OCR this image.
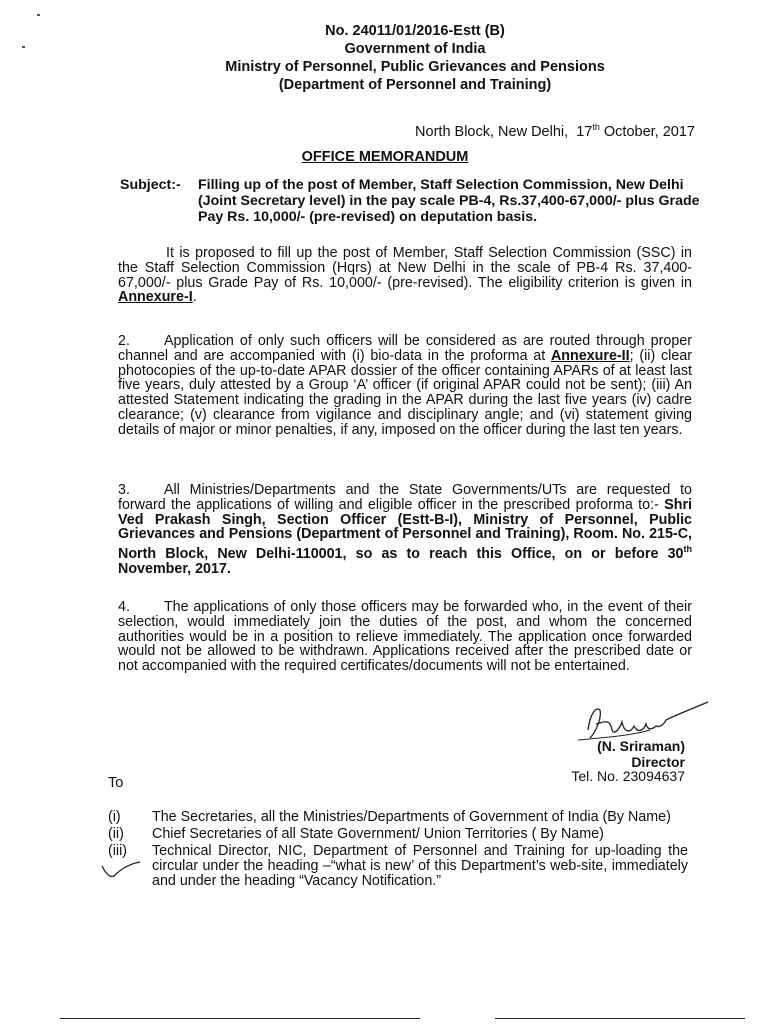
No. 24011/01/2016-Estt (B)
Government of India
Ministry of Personnel, Public Grievances and Pensions
(Department of Personnel and Training)
North Block, New Delhi, 17th October, 2017
OFFICE MEMORANDUM
Subject:-	Filling up of the post of Member, Staff Selection Commission, New Delhi (Joint Secretary level) in the pay scale PB-4, Rs.37,400-67,000/- plus Grade Pay Rs. 10,000/- (pre-revised) on deputation basis.
It is proposed to fill up the post of Member, Staff Selection Commission (SSC) in the Staff Selection Commission (Hqrs) at New Delhi in the scale of PB-4 Rs. 37,400-67,000/- plus Grade Pay of Rs. 10,000/- (pre-revised). The eligibility criterion is given in Annexure-I.
2. Application of only such officers will be considered as are routed through proper channel and are accompanied with (i) bio-data in the proforma at Annexure-II; (ii) clear photocopies of the up-to-date APAR dossier of the officer containing APARs of at least last five years, duly attested by a Group ‘A’ officer (if original APAR could not be sent); (iii) An attested Statement indicating the grading in the APAR during the last five years (iv) cadre clearance; (v) clearance from vigilance and disciplinary angle; and (vi) statement giving details of major or minor penalties, if any, imposed on the officer during the last ten years.
3. All Ministries/Departments and the State Governments/UTs are requested to forward the applications of willing and eligible officer in the prescribed proforma to:- Shri Ved Prakash Singh, Section Officer (Estt-B-I), Ministry of Personnel, Public Grievances and Pensions (Department of Personnel and Training), Room. No. 215-C, North Block, New Delhi-110001, so as to reach this Office, on or before 30th November, 2017.
4. The applications of only those officers may be forwarded who, in the event of their selection, would immediately join the duties of the post, and whom the concerned authorities would be in a position to relieve immediately. The application once forwarded would not be allowed to be withdrawn. Applications received after the prescribed date or not accompanied with the required certificates/documents will not be entertained.
(N. Sriraman)
Director
Tel. No. 23094637
To
(i)	The Secretaries, all the Ministries/Departments of Government of India (By Name)
(ii)	Chief Secretaries of all State Government/ Union Territories ( By Name)
(iii)	Technical Director, NIC, Department of Personnel and Training for up-loading the circular under the heading –“what is new’ of this Department’s web-site, immediately and under the heading “Vacancy Notification.”
